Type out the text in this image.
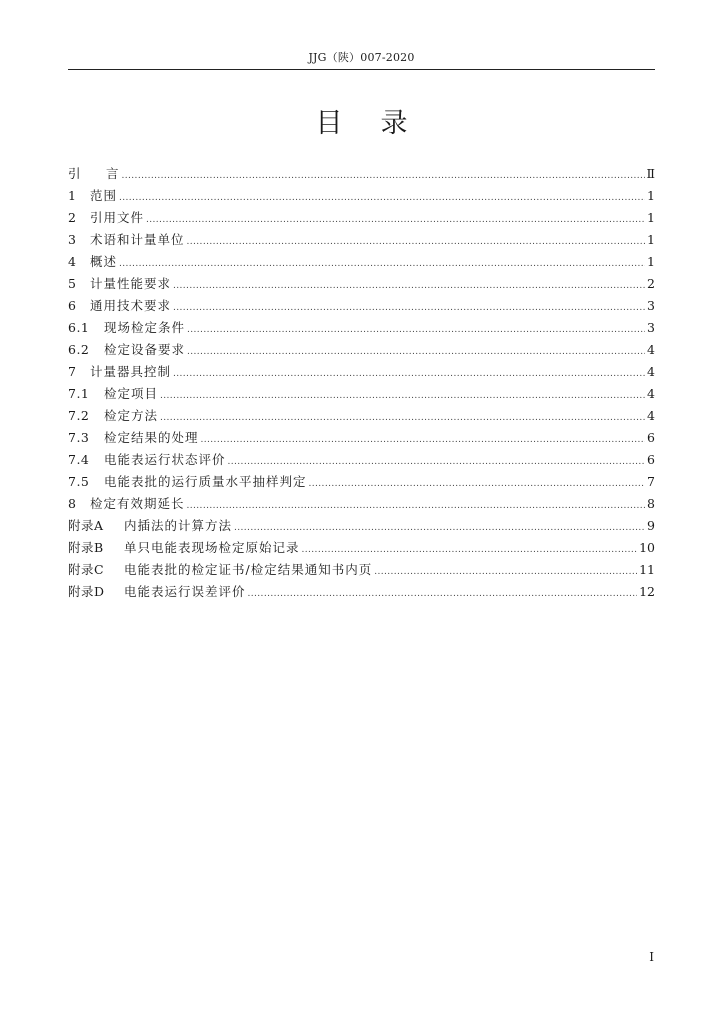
JJG（陕）007-2020
目录
引	言 .....	Ⅱ
1	范围 .....	1
2	引用文件 .....	1
3	术语和计量单位 .....	1
4	概述 .....	1
5	计量性能要求 .....	2
6	通用技术要求 .....	3
6.1	现场检定条件 .....	3
6.2	检定设备要求 .....	4
7	计量器具控制 .....	4
7.1	检定项目 .....	4
7.2	检定方法 .....	4
7.3	检定结果的处理 .....	6
7.4	电能表运行状态评价 .....	6
7.5	电能表批的运行质量水平抽样判定 .....	7
8	检定有效期延长 .....	8
附录A	内插法的计算方法 .....	9
附录B	单只电能表现场检定原始记录 .....	10
附录C	电能表批的检定证书/检定结果通知书内页 .....	11
附录D	电能表运行误差评价 .....	12
I
